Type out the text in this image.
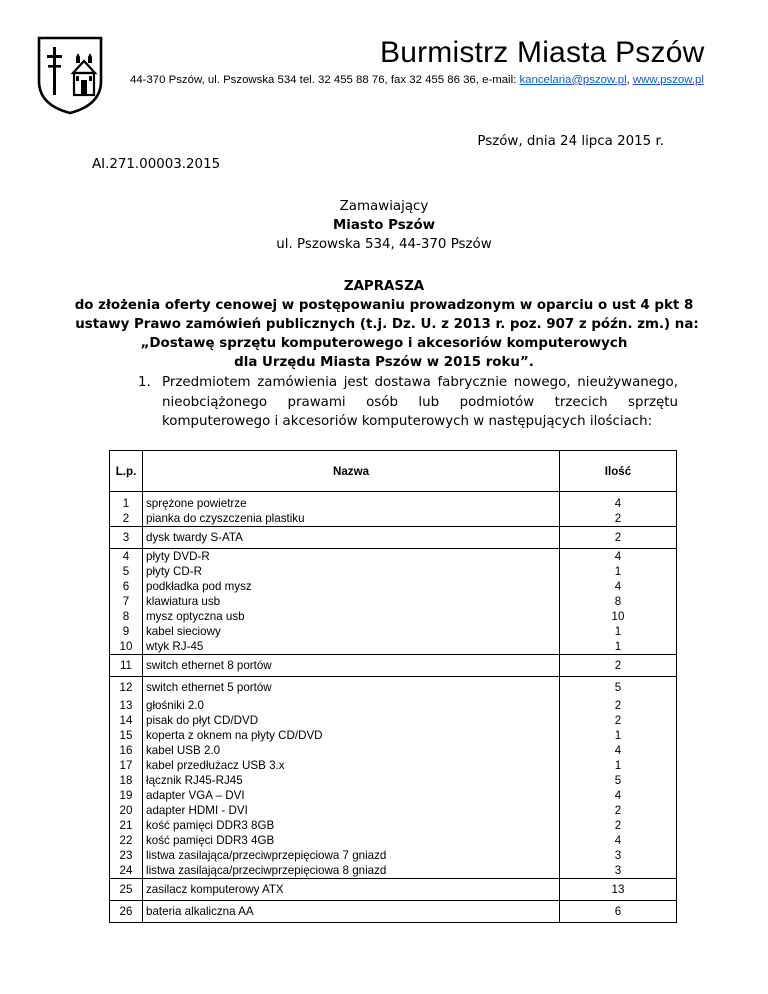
Burmistrz Miasta Pszów
44-370 Pszów, ul. Pszowska 534 tel. 32 455 88 76, fax 32 455 86 36, e-mail: kancelaria@pszow.pl, www.pszow.pl
Pszów, dnia 24 lipca 2015 r.
AI.271.00003.2015
Zamawiający
Miasto Pszów
ul. Pszowska 534, 44-370 Pszów
ZAPRASZA
do złożenia oferty cenowej w postępowaniu prowadzonym w oparciu o ust 4 pkt 8
ustawy Prawo zamówień publicznych (t.j. Dz. U. z 2013 r. poz. 907 z późn. zm.) na:
„Dostawę sprzętu komputerowego i akcesoriów komputerowych
dla Urzędu Miasta Pszów w 2015 roku”.
1. Przedmiotem zamówienia jest dostawa fabrycznie nowego, nieużywanego, nieobciążonego prawami osób lub podmiotów trzecich sprzętu komputerowego i akcesoriów komputerowych w następujących ilościach:
L.p.	Nazwa	Ilość
1	sprężone powietrze	4
2	pianka do czyszczenia plastiku	2
3	dysk twardy S-ATA	2
4	płyty DVD-R	4
5	płyty CD-R	1
6	podkładka pod mysz	4
7	klawiatura usb	8
8	mysz optyczna usb	10
9	kabel sieciowy	1
10	wtyk RJ-45	1
11	switch ethernet 8 portów	2
12	switch ethernet 5 portów	5
13	głośniki 2.0	2
14	pisak do płyt CD/DVD	2
15	koperta z oknem na płyty CD/DVD	1
16	kabel USB 2.0	4
17	kabel przedłużacz USB 3.x	1
18	łącznik RJ45-RJ45	5
19	adapter VGA – DVI	4
20	adapter HDMI - DVI	2
21	kość pamięci DDR3 8GB	2
22	kość pamięci DDR3 4GB	4
23	listwa zasilająca/przeciwprzepięciowa 7 gniazd	3
24	listwa zasilająca/przeciwprzepięciowa 8 gniazd	3
25	zasilacz komputerowy ATX	13
26	bateria alkaliczna AA	6
